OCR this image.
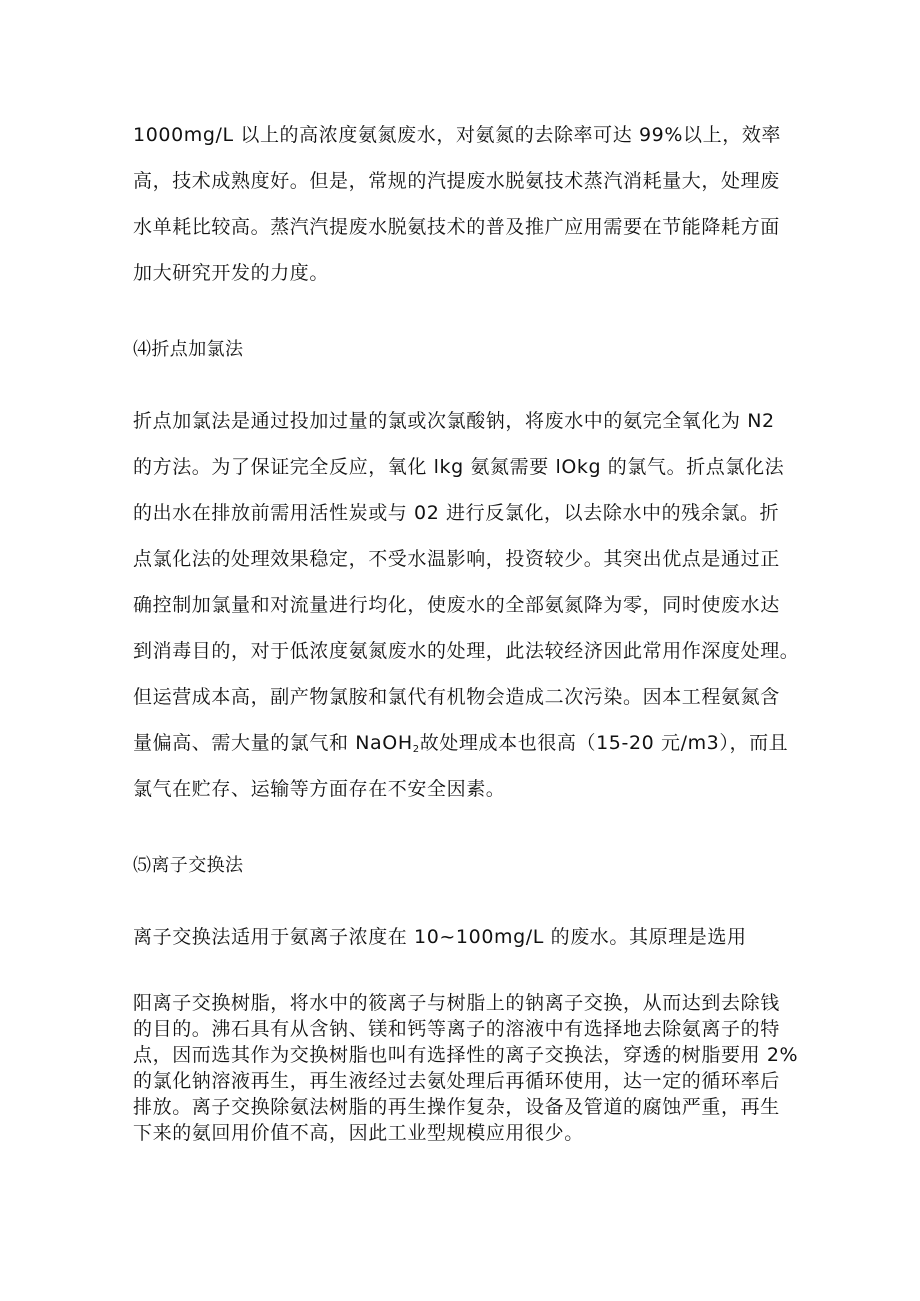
1000mg/L 以上的高浓度氨氮废水，对氨氮的去除率可达 99%以上，效率

高，技术成熟度好。但是，常规的汽提废水脱氨技术蒸汽消耗量大，处理废

水单耗比较高。蒸汽汽提废水脱氨技术的普及推广应用需要在节能降耗方面

加大研究开发的力度。

⑷折点加氯法

折点加氯法是通过投加过量的氯或次氯酸钠，将废水中的氨完全氧化为 N2

的方法。为了保证完全反应，氧化 lkg 氨氮需要 lOkg 的氯气。折点氯化法

的出水在排放前需用活性炭或与 02 进行反氯化，以去除水中的残余氯。折

点氯化法的处理效果稳定，不受水温影响，投资较少。其突出优点是通过正

确控制加氯量和对流量进行均化，使废水的全部氨氮降为零，同时使废水达

到消毒目的，对于低浓度氨氮废水的处理，此法较经济因此常用作深度处理。

但运营成本高，副产物氯胺和氯代有机物会造成二次污染。因本工程氨氮含

量偏高、需大量的氯气和 NaOH$_2$故处理成本也很高（15-20 元/m3），而且

氯气在贮存、运输等方面存在不安全因素。

⑸离子交换法

离子交换法适用于氨离子浓度在 10~100mg/L 的废水。其原理是选用

阳离子交换树脂，将水中的筱离子与树脂上的钠离子交换，从而达到去除钱

的目的。沸石具有从含钠、镁和钙等离子的溶液中有选择地去除氨离子的特

点，因而选其作为交换树脂也叫有选择性的离子交换法，穿透的树脂要用 2%

的氯化钠溶液再生，再生液经过去氨处理后再循环使用，达一定的循环率后

排放。离子交换除氨法树脂的再生操作复杂，设备及管道的腐蚀严重，再生

下来的氨回用价值不高，因此工业型规模应用很少。
